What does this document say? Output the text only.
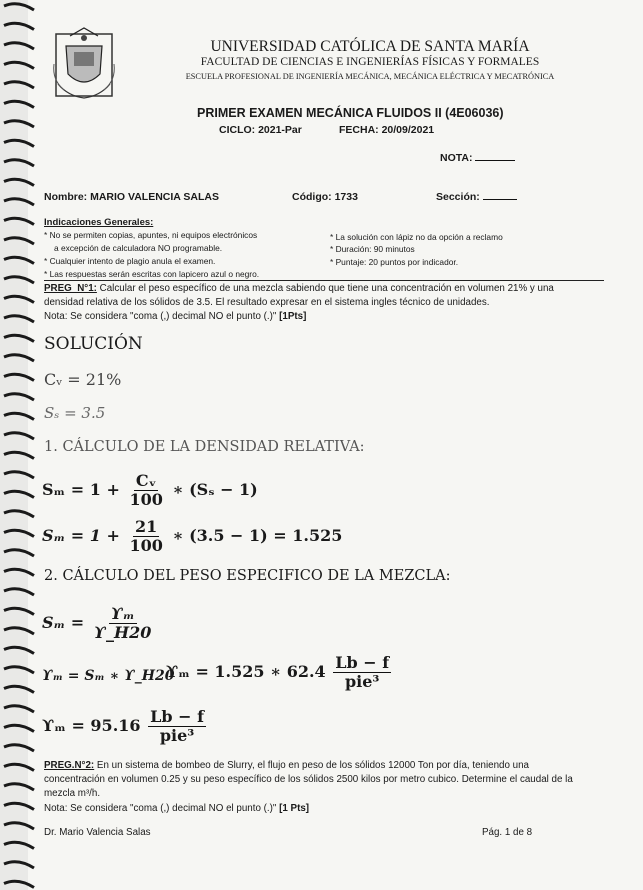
UNIVERSIDAD CATÓLICA DE SANTA MARÍA
FACULTAD DE CIENCIAS E INGENIERÍAS FÍSICAS Y FORMALES
ESCUELA PROFESIONAL DE INGENIERÍA MECÁNICA, MECÁNICA ELÉCTRICA Y MECATRÓNICA
PRIMER EXAMEN MECÁNICA FLUIDOS II (4E06036)
CICLO: 2021-Par	FECHA: 20/09/2021
NOTA:
Nombre: MARIO VALENCIA SALAS	Código: 1733	Sección:
Indicaciones Generales:
* No se permiten copias, apuntes, ni equipos electrónicos
a excepción de calculadora NO programable.
* Cualquier intento de plagio anula el examen.
* Las respuestas serán escritas con lapicero azul o negro.
* La solución con lápiz no da opción a reclamo
* Duración: 90 minutos
* Puntaje: 20 puntos por indicador.
PREG_N°1: Calcular el peso específico de una mezcla sabiendo que tiene una concentración en volumen 21% y una
densidad relativa de los sólidos de 3.5. El resultado expresar en el sistema ingles técnico de unidades.
Nota: Se considera "coma (,) decimal NO el punto (.)" [1Pts]
SOLUCIÓN
Cᵥ = 21%
Sₛ = 3.5
1. CÁLCULO DE LA DENSIDAD RELATIVA:
$S_m = 1 + \frac{\text{Cᵥ}}{100}$ ∗ (Sₛ − 1)
$S_m = 1 + \frac{21}{100}$ ∗ (3.5 − 1) = 1.525
2. CÁLCULO DEL PESO ESPECIFICO DE LA MEZCLA:
$S_m = \frac{\text{ϒₘ}}{ϒ\_H20}$
ϒₘ = Sₘ ∗ ϒ_H20
ϒₘ = 1.525 ∗ $62.4 \frac{Lb - f}{\text{pie³}}$
$ϒ_m = 95.16 \frac{Lb - f}{\text{pie³}}$
PREG.N°2: En un sistema de bombeo de Slurry, el flujo en peso de los sólidos 12000 Ton por día, teniendo una
concentración en volumen 0.25 y su peso específico de los sólidos 2500 kilos por metro cubico. Determine el caudal de la
mezcla m³/h.
Nota: Se considera "coma (,) decimal NO el punto (.)" [1 Pts]
Dr. Mario Valencia Salas	Pág. 1 de 8
